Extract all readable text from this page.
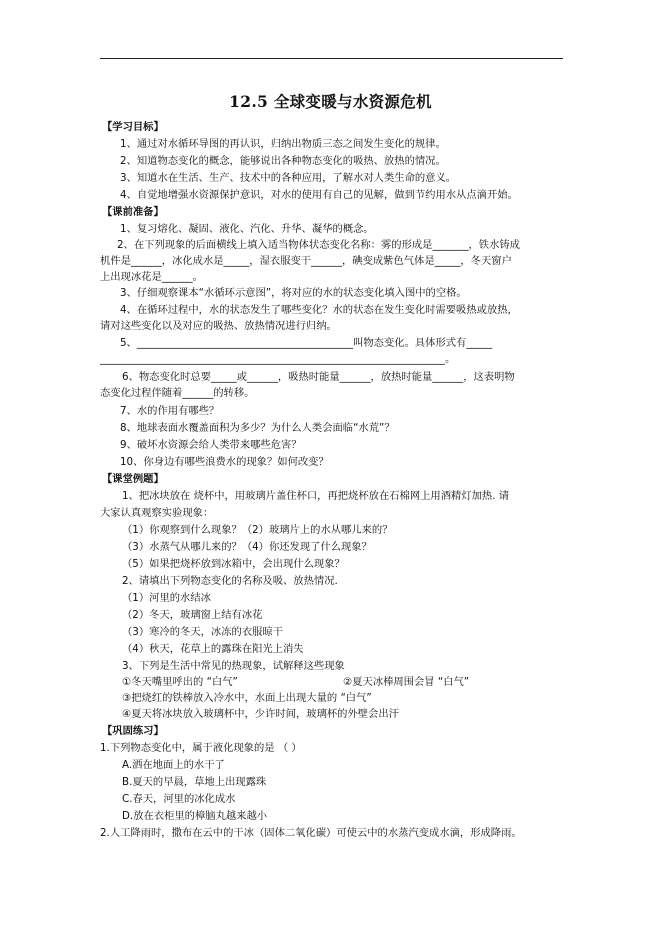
12.5 全球变暖与水资源危机
【学习目标】
1、通过对水循环导图的再认识，归纳出物质三态之间发生变化的规律。
2、知道物态变化的概念，能够说出各种物态变化的吸热、放热的情况。
3、知道水在生活、生产、技术中的各种应用，了解水对人类生命的意义。
4、自觉地增强水资源保护意识，对水的使用有自己的见解，做到节约用水从点滴开始。
【课前准备】
1、复习熔化、凝固、液化、汽化、升华、凝华的概念。
2、在下列现象的后面横线上填入适当物体状态变化名称：雾的形成是_______，铁水铸成
机件是______，冰化成水是_____，湿衣服变干______，碘变成紫色气体是_____，冬天窗户
上出现冰花是______。
3、仔细观察课本“水循环示意图”，将对应的水的状态变化填入图中的空格。
4、在循环过程中，水的状态发生了哪些变化？水的状态在发生变化时需要吸热或放热，
请对这些变化以及对应的吸热、放热情况进行归纳。
5、__________________________________________叫物态变化。具体形式有_____
___________________________________________________________________。
6、物态变化时总要_____或______，吸热时能量______，放热时能量______，这表明物
态变化过程伴随着______的转移。
7、水的作用有哪些？
8、地球表面水覆盖面积为多少？为什么人类会面临“水荒”？
9、破坏水资源会给人类带来哪些危害？
10、你身边有哪些浪费水的现象？如何改变？
【课堂例题】
1、把冰块放在 烧杯中，用玻璃片盖住杯口，再把烧杯放在石棉网上用酒精灯加热. 请
大家认真观察实验现象：
（1）你观察到什么现象？（2）玻璃片上的水从哪儿来的？
（3）水蒸气从哪儿来的？（4）你还发现了什么现象？
（5）如果把烧杯放到冰箱中，会出现什么现象？
2、请填出下列物态变化的名称及吸、放热情况.
（1）河里的水结冰
（2）冬天，玻璃窗上结有冰花
（3）寒冷的冬天，冰冻的衣服晾干
（4）秋天，花草上的露珠在阳光上消失
3、下列是生活中常见的热现象，试解释这些现象
①冬天嘴里呼出的 “白气”	②夏天冰棒周围会冒 “白气”
③把烧红的铁棒放入冷水中，水面上出现大量的 “白气”
④夏天将冰块放入玻璃杯中，少许时间，玻璃杯的外壁会出汗
【巩固练习】
1.下列物态变化中，属于液化现象的是 （ ）
A.洒在地面上的水干了
B.夏天的早晨，草地上出现露珠
C.春天，河里的冰化成水
D.放在衣柜里的樟脑丸越来越小
2.人工降雨时，撒布在云中的干冰（固体二氧化碳）可使云中的水蒸汽变成水滴，形成降雨。
